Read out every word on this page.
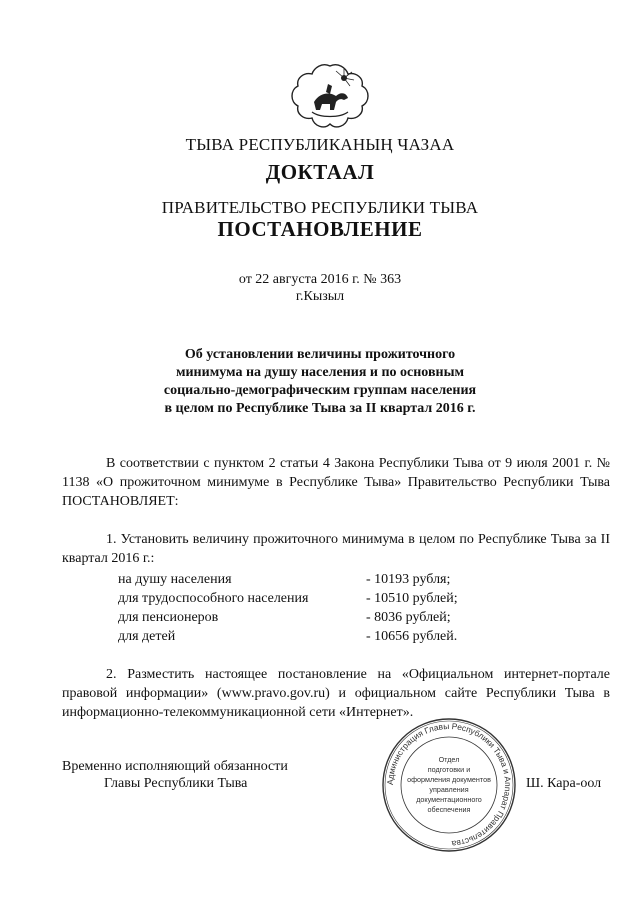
ТЫВА РЕСПУБЛИКАНЫҢ ЧАЗАА
ДОКТААЛ
ПРАВИТЕЛЬСТВО РЕСПУБЛИКИ ТЫВА
ПОСТАНОВЛЕНИЕ
от 22 августа 2016 г. № 363
г.Кызыл
Об установлении величины прожиточного
минимума на душу населения и по основным
социально-демографическим группам населения
в целом по Республике Тыва за II квартал 2016 г.
В соответствии с пунктом 2 статьи 4 Закона Республики Тыва от 9 июля 2001 г. № 1138 «О прожиточном минимуме в Республике Тыва» Правительство Республики Тыва ПОСТАНОВЛЯЕТ:
1. Установить величину прожиточного минимума в целом по Республике Тыва за II квартал 2016 г.:
на душу населения	- 10193 рубля;
для трудоспособного населения	- 10510 рублей;
для пенсионеров	- 8036 рублей;
для детей	- 10656 рублей.
2. Разместить настоящее постановление на «Официальном интернет-портале правовой информации» (www.pravo.gov.ru) и официальном сайте Республики Тыва в информационно-телекоммуникационной сети «Интернет».
Временно исполняющий обязанности
Главы Республики Тыва	Ш. Кара-оол
Администрация Главы Республики Тыва и Аппарат Правительства
Отдел
подготовки и
оформления документов
управления
документационного
обеспечения
